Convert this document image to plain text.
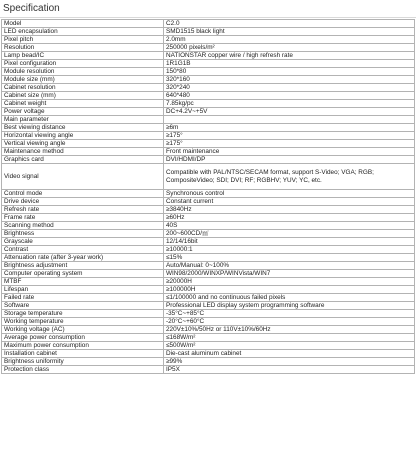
Specification
Model	C2.0
LED encapsulation	SMD1515 black light
Pixel pitch	2.0mm
Resolution	250000 pixels/m²
Lamp bead/IC	NATIONSTAR copper wire / high refresh rate
Pixel configuration	1R1G1B
Module resolution	150*80
Module size (mm)	320*160
Cabinet resolution	320*240
Cabinet size (mm)	640*480
Cabinet weight	7.85kg/pc
Power voltage	DC+4.2V~+5V
Main parameter	
Best viewing distance	≥6m
Horizontal viewing angle	≥175°
Vertical viewing angle	≥175°
Maintenance method	Front maintenance
Graphics card	DVI/HDMI/DP
Video signal	Compatible with PAL/NTSC/SECAM format, support S-Video; VGA; RGB; CompositeVideo; SDI; DVI; RF; RGBHV; YUV; YC, etc.
Control mode	Synchronous control
Drive device	Constant current
Refresh rate	≥3840Hz
Frame rate	≥60Hz
Scanning method	40S
Brightness	200~600CD/㎡
Grayscale	12/14/16bit
Contrast	≥10000:1
Attenuation rate (after 3-year work)	≤15%
Brightness adjustment	Auto/Manual: 0~100%
Computer operating system	WIN98/2000/WINXP/WINVista/WIN7
MTBF	≥20000H
Lifespan	≥100000H
Failed rate	≤1/100000 and no continuous failed pixels
Software	Professional LED display system programming software
Storage temperature	-35°C~+85°C
Working temperature	-20°C~+60°C
Working voltage (AC)	220V±10%/50Hz or 110V±10%/60Hz
Average power consumption	≤168W/m²
Maximum power consumption	≤500W/m²
Installation cabinet	Die-cast aluminum cabinet
Brightness uniformity	≥99%
Protection class	IP5X
